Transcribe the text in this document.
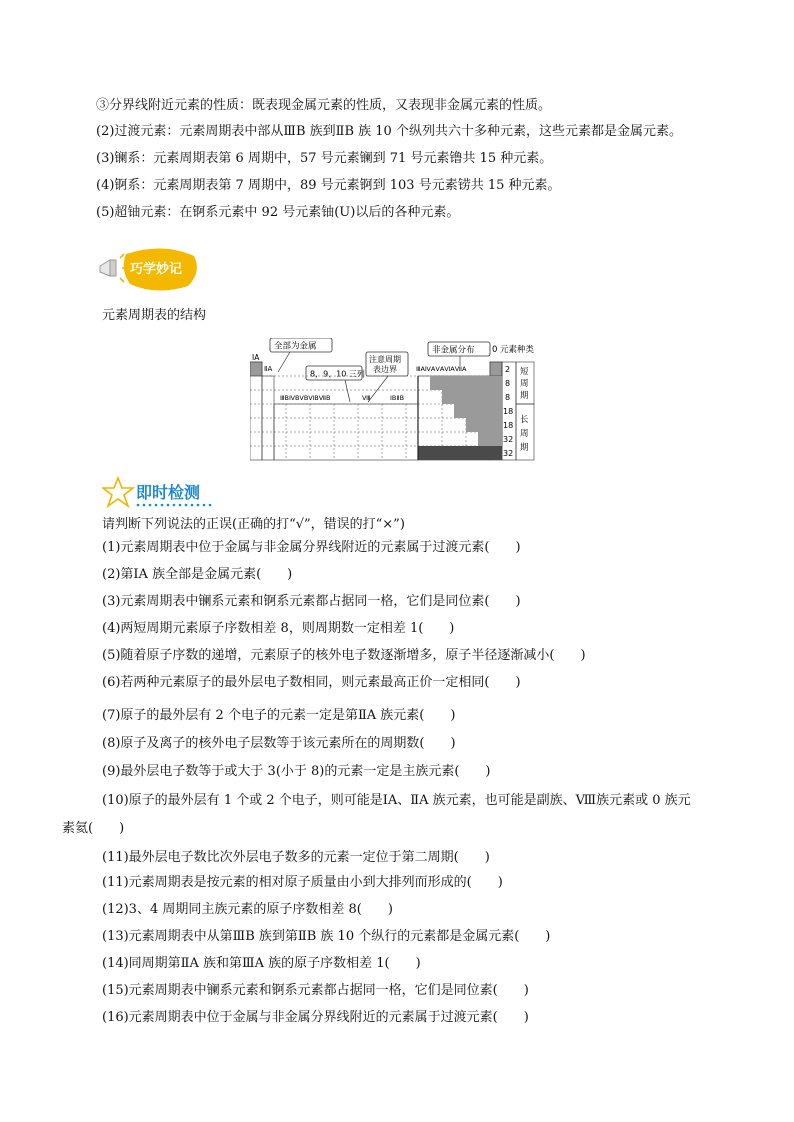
③分界线附近元素的性质：既表现金属元素的性质，又表现非金属元素的性质。
(2)过渡元素：元素周期表中部从ⅢB 族到ⅡB 族 10 个纵列共六十多种元素，这些元素都是金属元素。
(3)镧系：元素周期表第 6 周期中，57 号元素镧到 71 号元素镥共 15 种元素。
(4)锕系：元素周期表第 7 周期中，89 号元素锕到 103 号元素铹共 15 种元素。
(5)超铀元素：在锕系元素中 92 号元素铀(U)以后的各种元素。
巧学妙记
元素周期表的结构
全部为金属
8，9、10 三列
注意周期
表边界
非金属分布 0 元素种类
ⅠA
ⅡA
ⅢBⅣBⅤBⅥBⅦB	Ⅷ	ⅠBⅡB
ⅢAⅣAⅤAⅥAⅦA	2
8
8
18
18
32
32
短
周
期
长
周
期
即时检测
请判断下列说法的正误(正确的打“√”，错误的打“×”)
(1)元素周期表中位于金属与非金属分界线附近的元素属于过渡元素(　　)
(2)第ⅠA 族全部是金属元素(　　)
(3)元素周期表中镧系元素和锕系元素都占据同一格，它们是同位素(　　)
(4)两短周期元素原子序数相差 8，则周期数一定相差 1(　　)
(5)随着原子序数的递增，元素原子的核外电子数逐渐增多，原子半径逐渐减小(　　)
(6)若两种元素原子的最外层电子数相同，则元素最高正价一定相同(　　)
(7)原子的最外层有 2 个电子的元素一定是第ⅡA 族元素(　　)
(8)原子及离子的核外电子层数等于该元素所在的周期数(　　)
(9)最外层电子数等于或大于 3(小于 8)的元素一定是主族元素(　　)
(10)原子的最外层有 1 个或 2 个电子，则可能是ⅠA、ⅡA 族元素，也可能是副族、Ⅷ族元素或 0 族元
素氦(　　)
(11)最外层电子数比次外层电子数多的元素一定位于第二周期(　　)
(11)元素周期表是按元素的相对原子质量由小到大排列而形成的(　　)
(12)3、4 周期同主族元素的原子序数相差 8(　　)
(13)元素周期表中从第ⅢB 族到第ⅡB 族 10 个纵行的元素都是金属元素(　　)
(14)同周期第ⅡA 族和第ⅢA 族的原子序数相差 1(　　)
(15)元素周期表中镧系元素和锕系元素都占据同一格，它们是同位素(　　)
(16)元素周期表中位于金属与非金属分界线附近的元素属于过渡元素(　　)
